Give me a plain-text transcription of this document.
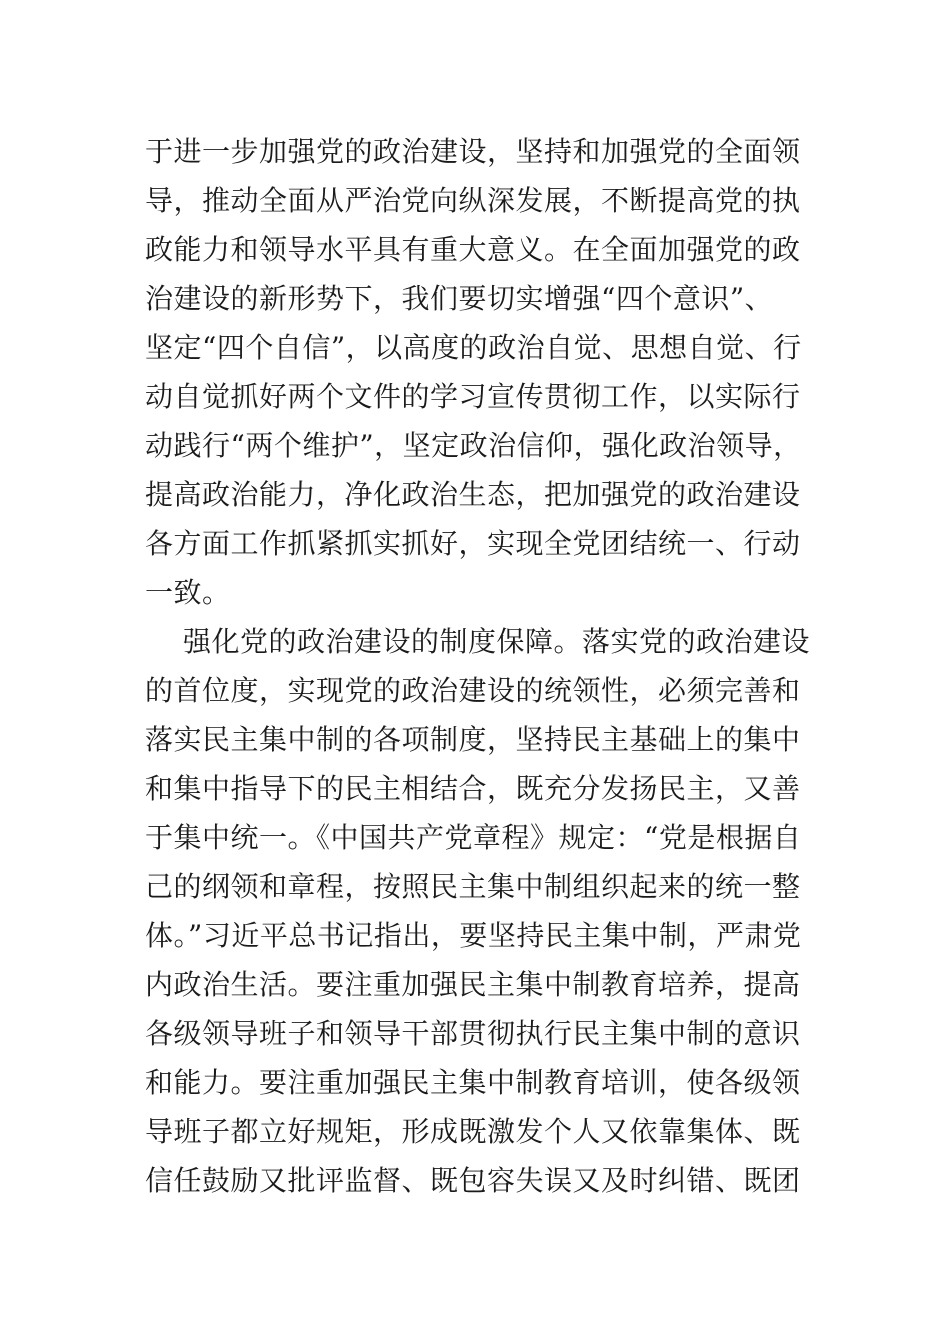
于进一步加强党的政治建设，坚持和加强党的全面领
导，推动全面从严治党向纵深发展，不断提高党的执
政能力和领导水平具有重大意义。在全面加强党的政
治建设的新形势下，我们要切实增强“四个意识”、
坚定“四个自信”，以高度的政治自觉、思想自觉、行
动自觉抓好两个文件的学习宣传贯彻工作，以实际行
动践行“两个维护”，坚定政治信仰，强化政治领导，
提高政治能力，净化政治生态，把加强党的政治建设
各方面工作抓紧抓实抓好，实现全党团结统一、行动
一致。
强化党的政治建设的制度保障。落实党的政治建设
的首位度，实现党的政治建设的统领性，必须完善和
落实民主集中制的各项制度，坚持民主基础上的集中
和集中指导下的民主相结合，既充分发扬民主，又善
于集中统一。《中国共产党章程》规定：“党是根据自
己的纲领和章程，按照民主集中制组织起来的统一整
体。”习近平总书记指出，要坚持民主集中制，严肃党
内政治生活。要注重加强民主集中制教育培养，提高
各级领导班子和领导干部贯彻执行民主集中制的意识
和能力。要注重加强民主集中制教育培训，使各级领
导班子都立好规矩，形成既激发个人又依靠集体、既
信任鼓励又批评监督、既包容失误又及时纠错、既团
